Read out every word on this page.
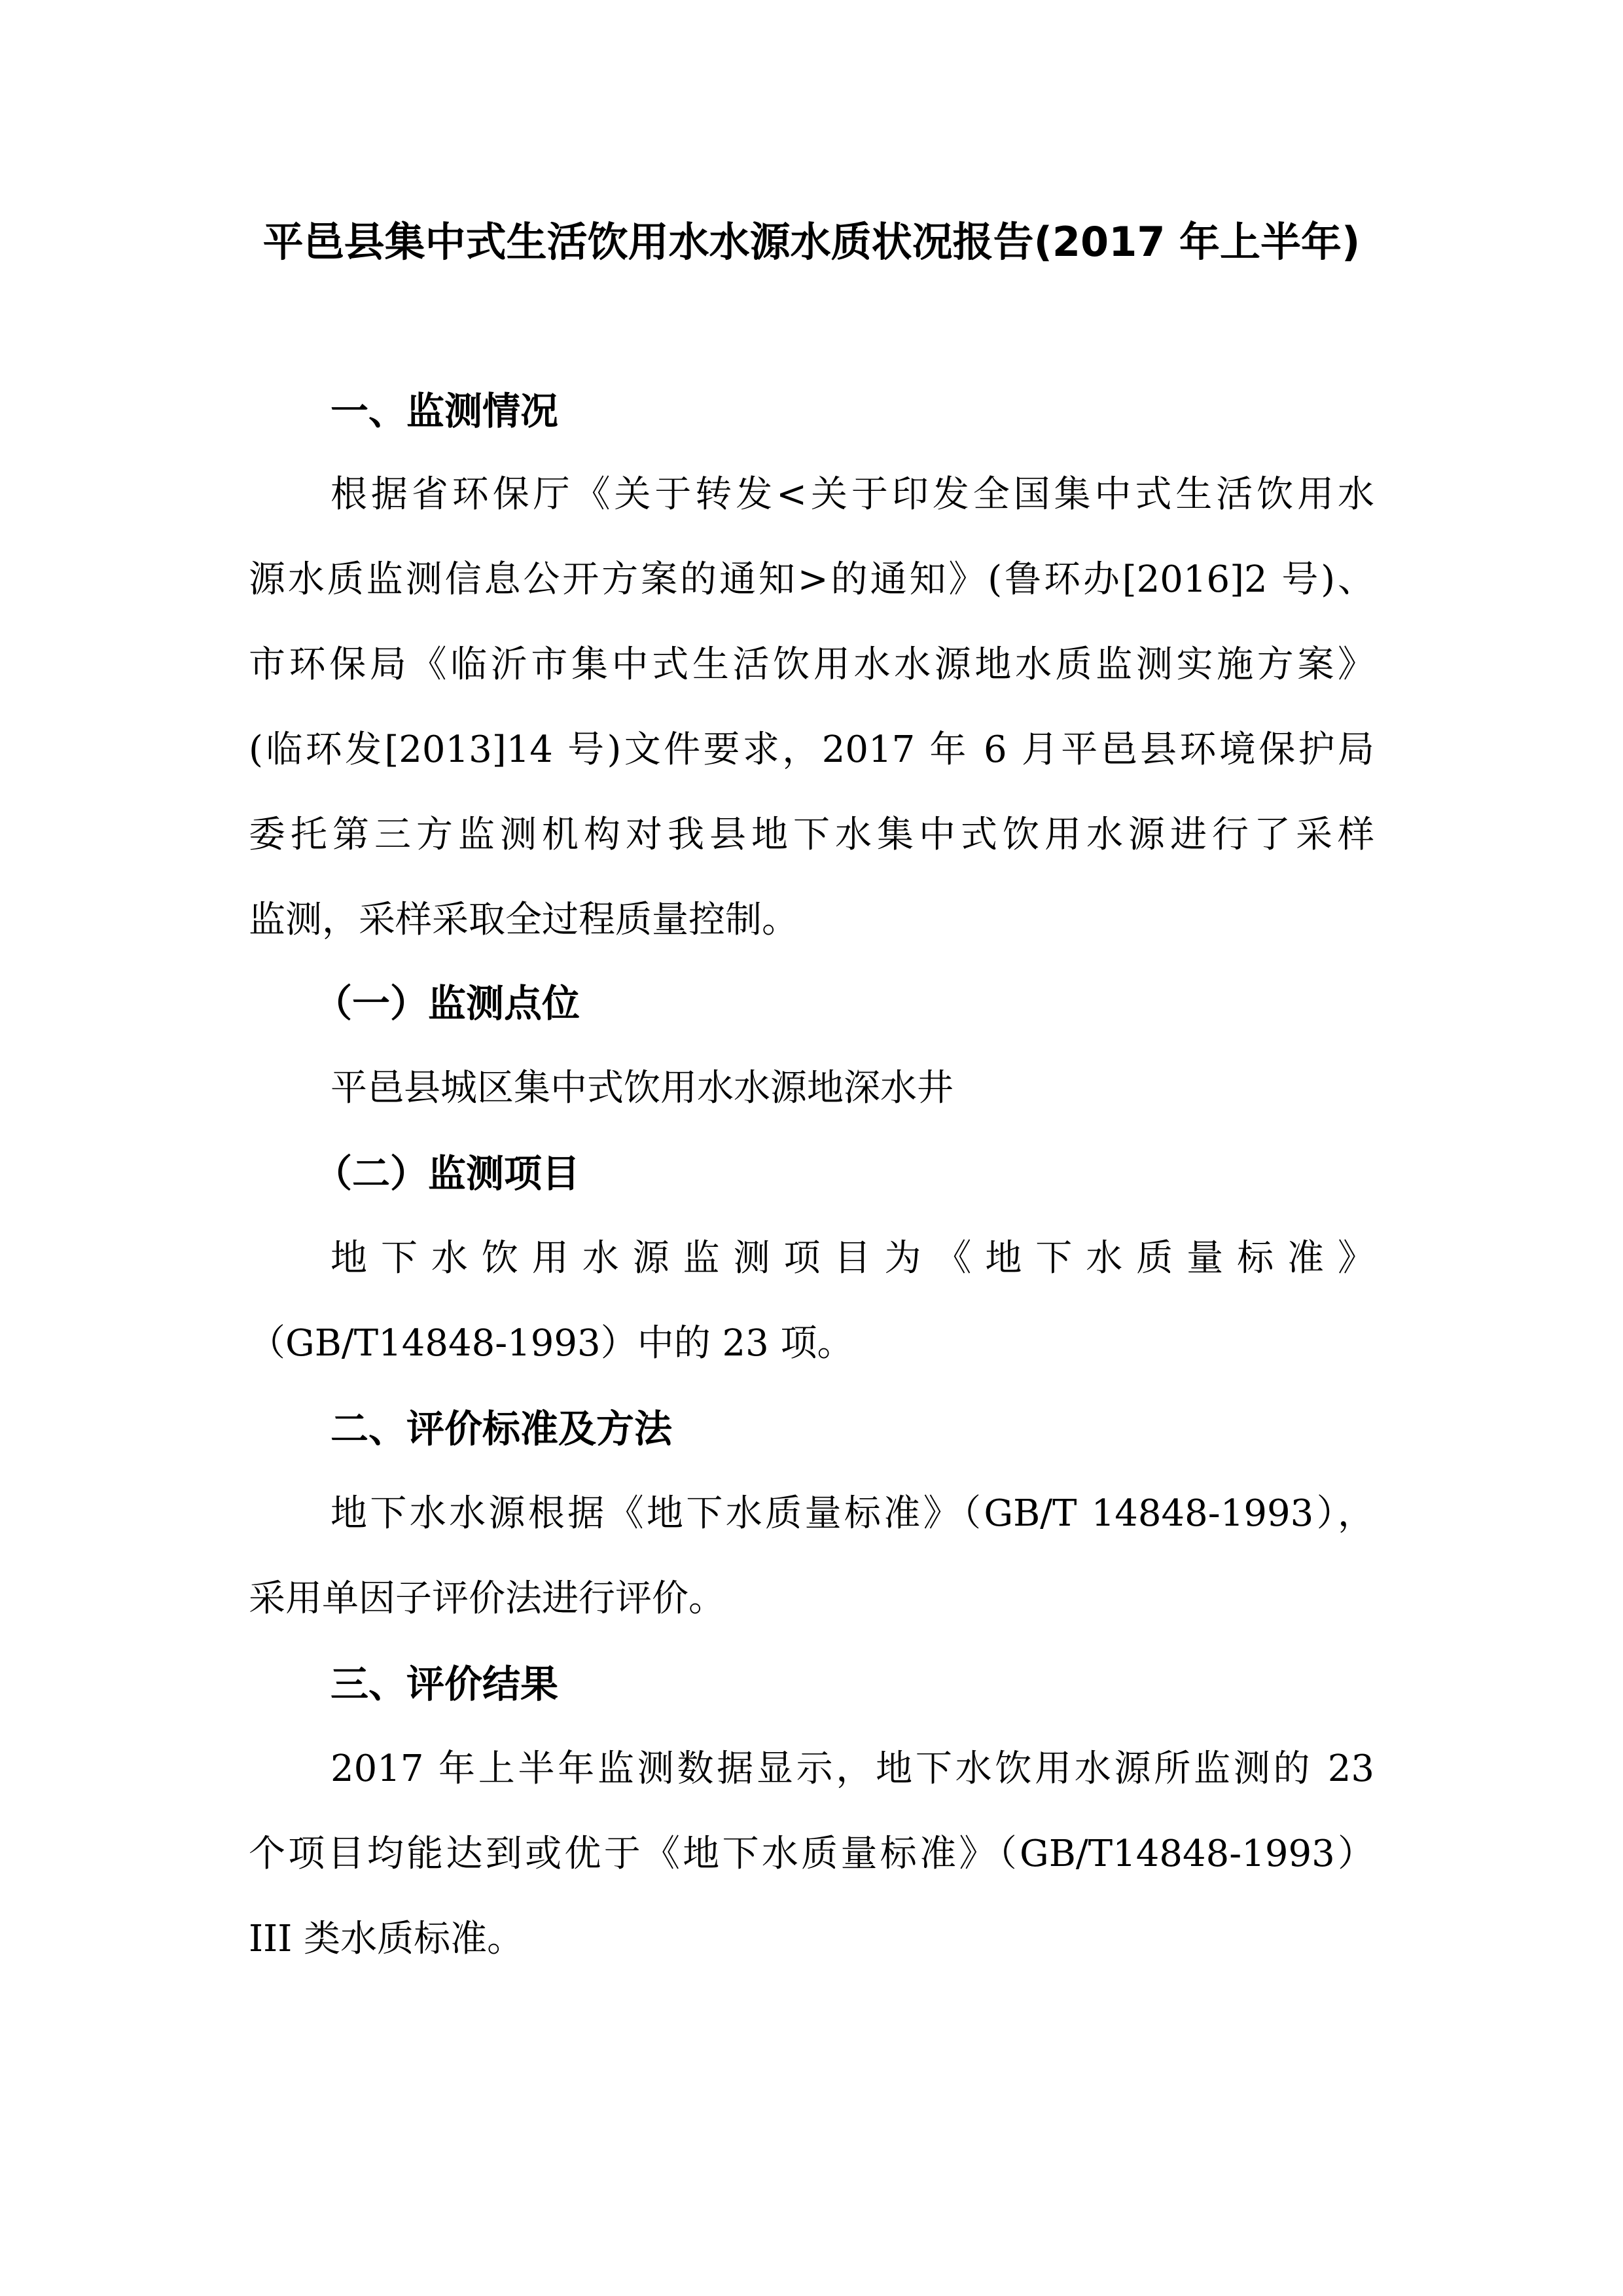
平邑县集中式生活饮用水水源水质状况报告(2017 年上半年)
一、监测情况
根据省环保厅《关于转发<关于印发全国集中式生活饮用水
源水质监测信息公开方案的通知>的通知》(鲁环办[2016]2 号)、
市环保局《临沂市集中式生活饮用水水源地水质监测实施方案》
(临环发[2013]14 号)文件要求，2017 年 6 月平邑县环境保护局
委托第三方监测机构对我县地下水集中式饮用水源进行了采样
监测，采样采取全过程质量控制。
（一）监测点位
平邑县城区集中式饮用水水源地深水井
（二）监测项目
地下水饮用水源监测项目为《地下水质量标准》
（GB/T14848-1993）中的 23 项。
二、评价标准及方法
地下水水源根据《地下水质量标准》（GB/T 14848-1993），
采用单因子评价法进行评价。
三、评价结果
2017 年上半年监测数据显示，地下水饮用水源所监测的 23
个项目均能达到或优于《地下水质量标准》（GB/T14848-1993）
III 类水质标准。
